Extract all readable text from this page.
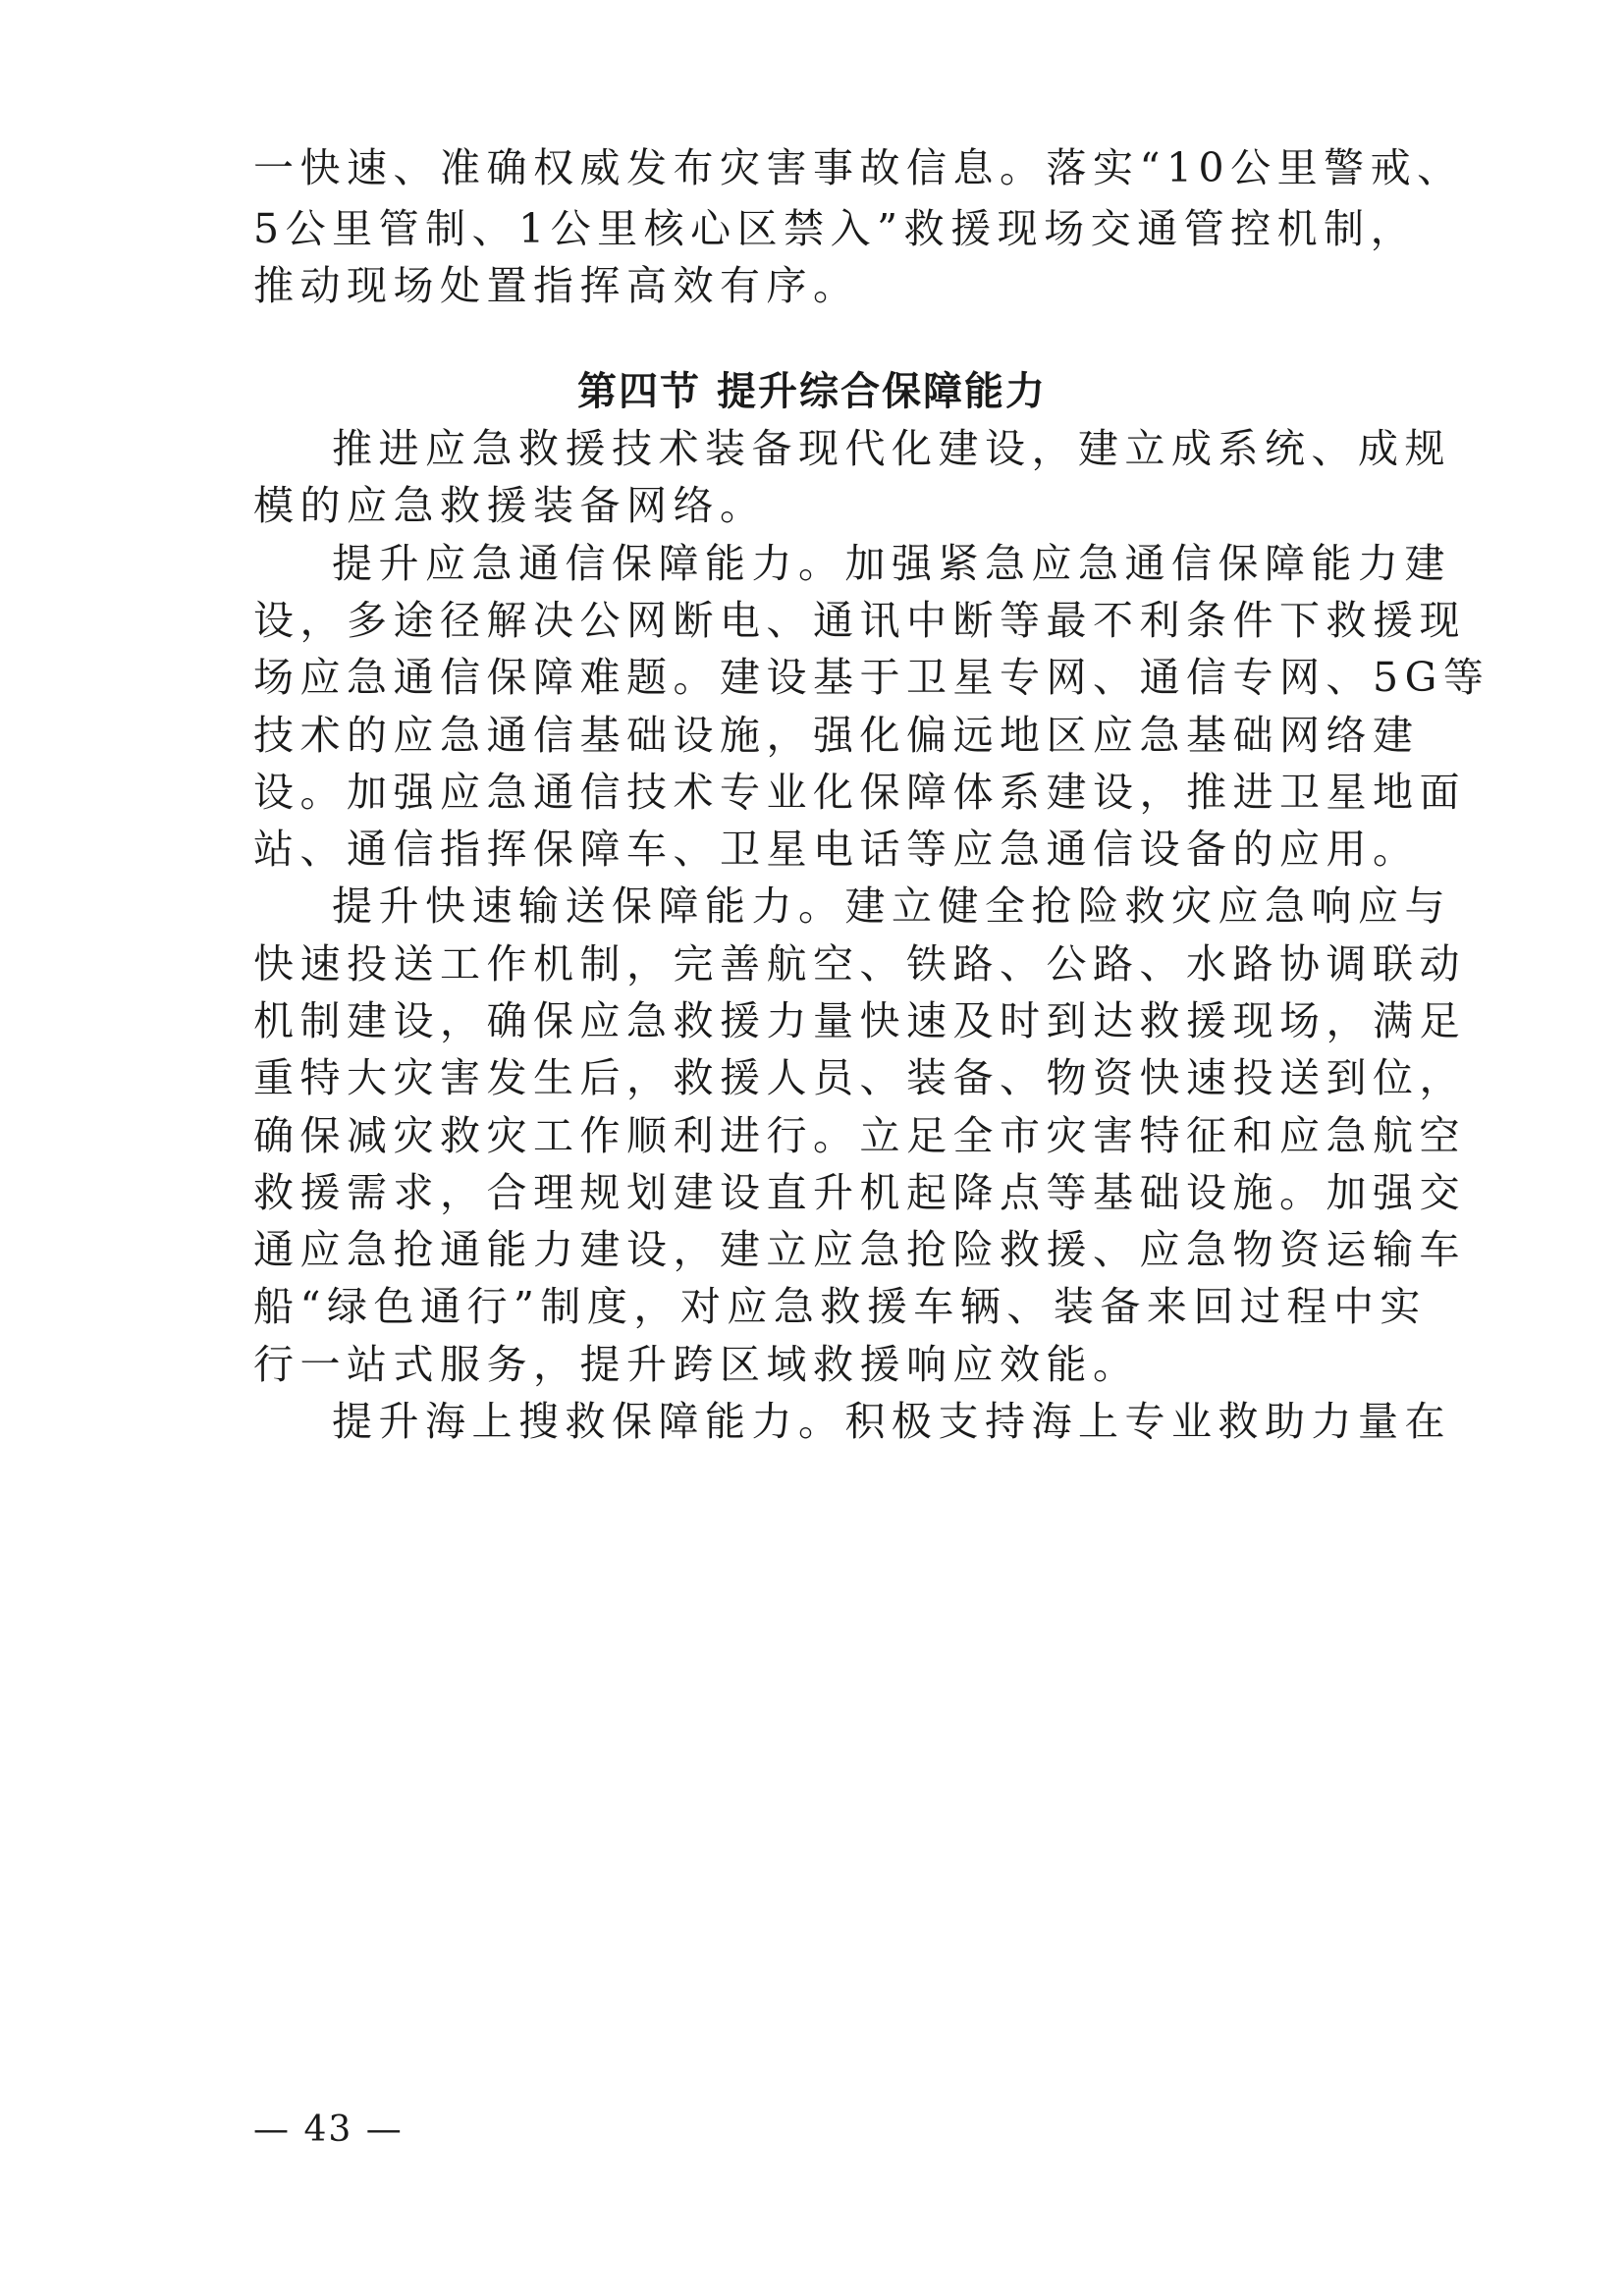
一快速、准确权威发布灾害事故信息。落实“10公里警戒、
5公里管制、1公里核心区禁入”救援现场交通管控机制，
推动现场处置指挥高效有序。
第四节 提升综合保障能力
推进应急救援技术装备现代化建设，建立成系统、成规
模的应急救援装备网络。
提升应急通信保障能力。加强紧急应急通信保障能力建
设，多途径解决公网断电、通讯中断等最不利条件下救援现
场应急通信保障难题。建设基于卫星专网、通信专网、5G等
技术的应急通信基础设施，强化偏远地区应急基础网络建
设。加强应急通信技术专业化保障体系建设，推进卫星地面
站、通信指挥保障车、卫星电话等应急通信设备的应用。
提升快速输送保障能力。建立健全抢险救灾应急响应与
快速投送工作机制，完善航空、铁路、公路、水路协调联动
机制建设，确保应急救援力量快速及时到达救援现场，满足
重特大灾害发生后，救援人员、装备、物资快速投送到位，
确保减灾救灾工作顺利进行。立足全市灾害特征和应急航空
救援需求，合理规划建设直升机起降点等基础设施。加强交
通应急抢通能力建设，建立应急抢险救援、应急物资运输车
船“绿色通行”制度，对应急救援车辆、装备来回过程中实
行一站式服务，提升跨区域救援响应效能。
提升海上搜救保障能力。积极支持海上专业救助力量在
— 43 —
